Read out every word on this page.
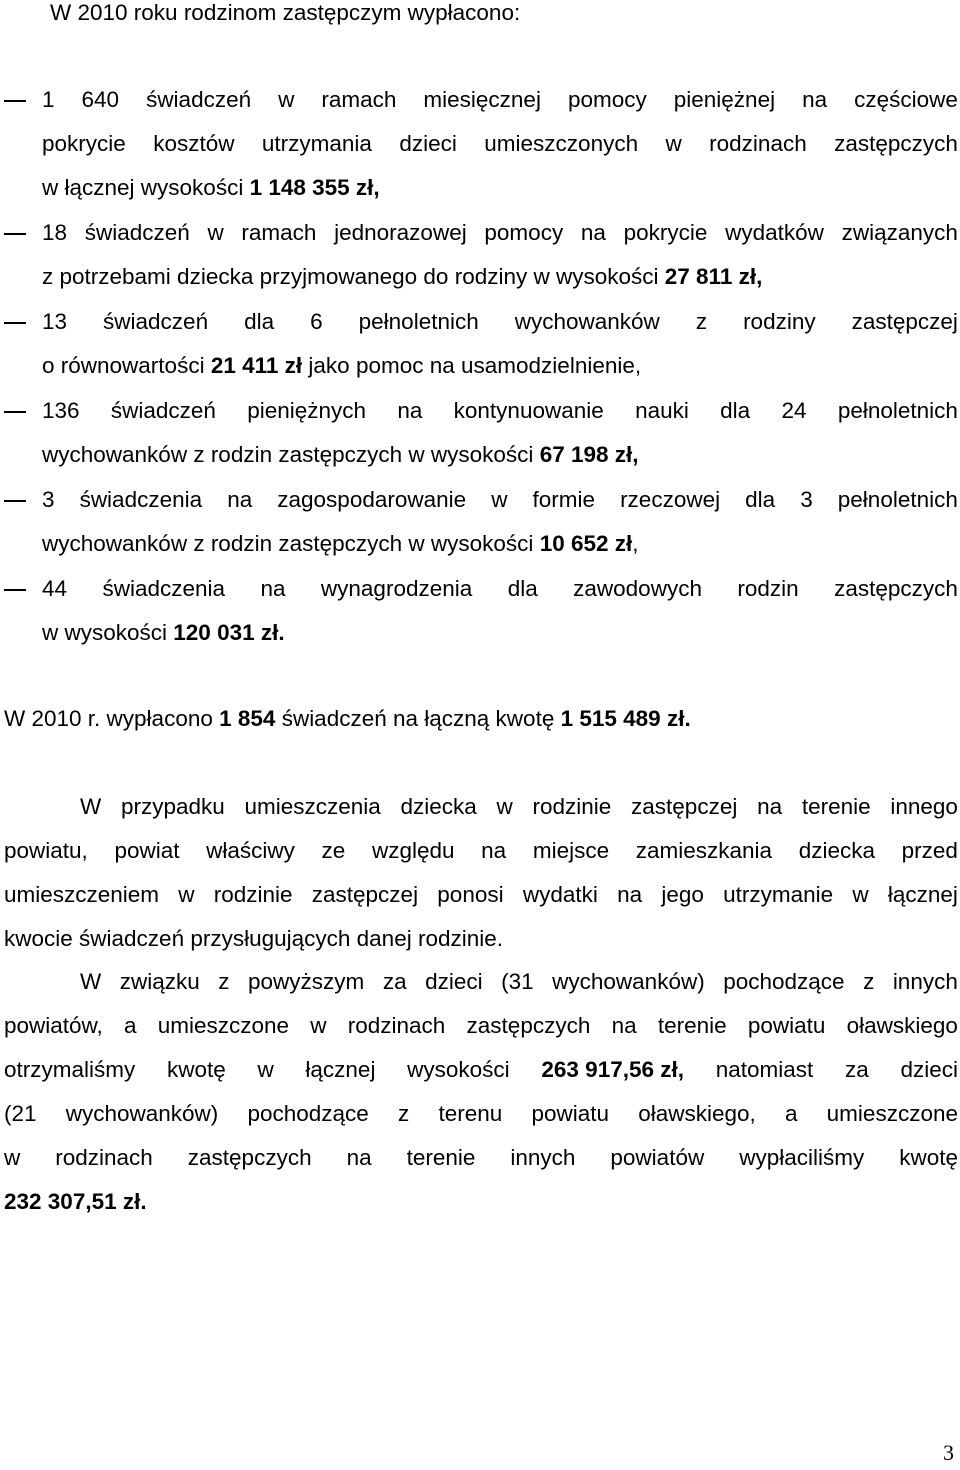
W 2010 roku rodzinom zastępczym wypłacono:
1 640 świadczeń w ramach miesięcznej pomocy pieniężnej na częściowe
pokrycie kosztów utrzymania dzieci umieszczonych w rodzinach zastępczych
w łącznej wysokości 1 148 355 zł,
18 świadczeń w ramach jednorazowej pomocy na pokrycie wydatków związanych
z potrzebami dziecka przyjmowanego do rodziny w wysokości 27 811 zł,
13 świadczeń dla 6 pełnoletnich wychowanków z rodziny zastępczej
o równowartości 21 411 zł jako pomoc na usamodzielnienie,
136 świadczeń pieniężnych na kontynuowanie nauki dla 24 pełnoletnich
wychowanków z rodzin zastępczych w wysokości 67 198 zł,
3 świadczenia na zagospodarowanie w formie rzeczowej dla 3 pełnoletnich
wychowanków z rodzin zastępczych w wysokości 10 652 zł,
44 świadczenia na wynagrodzenia dla zawodowych rodzin zastępczych
w wysokości 120 031 zł.
W 2010 r. wypłacono 1 854 świadczeń na łączną kwotę 1 515 489 zł.
W przypadku umieszczenia dziecka w rodzinie zastępczej na terenie innego
powiatu, powiat właściwy ze względu na miejsce zamieszkania dziecka przed
umieszczeniem w rodzinie zastępczej ponosi wydatki na jego utrzymanie w łącznej
kwocie świadczeń przysługujących danej rodzinie.
W związku z powyższym za dzieci (31 wychowanków) pochodzące z innych
powiatów, a umieszczone w rodzinach zastępczych na terenie powiatu oławskiego
otrzymaliśmy kwotę w łącznej wysokości 263 917,56 zł, natomiast za dzieci
(21 wychowanków) pochodzące z terenu powiatu oławskiego, a umieszczone
w rodzinach zastępczych na terenie innych powiatów wypłaciliśmy kwotę
232 307,51 zł.
3
